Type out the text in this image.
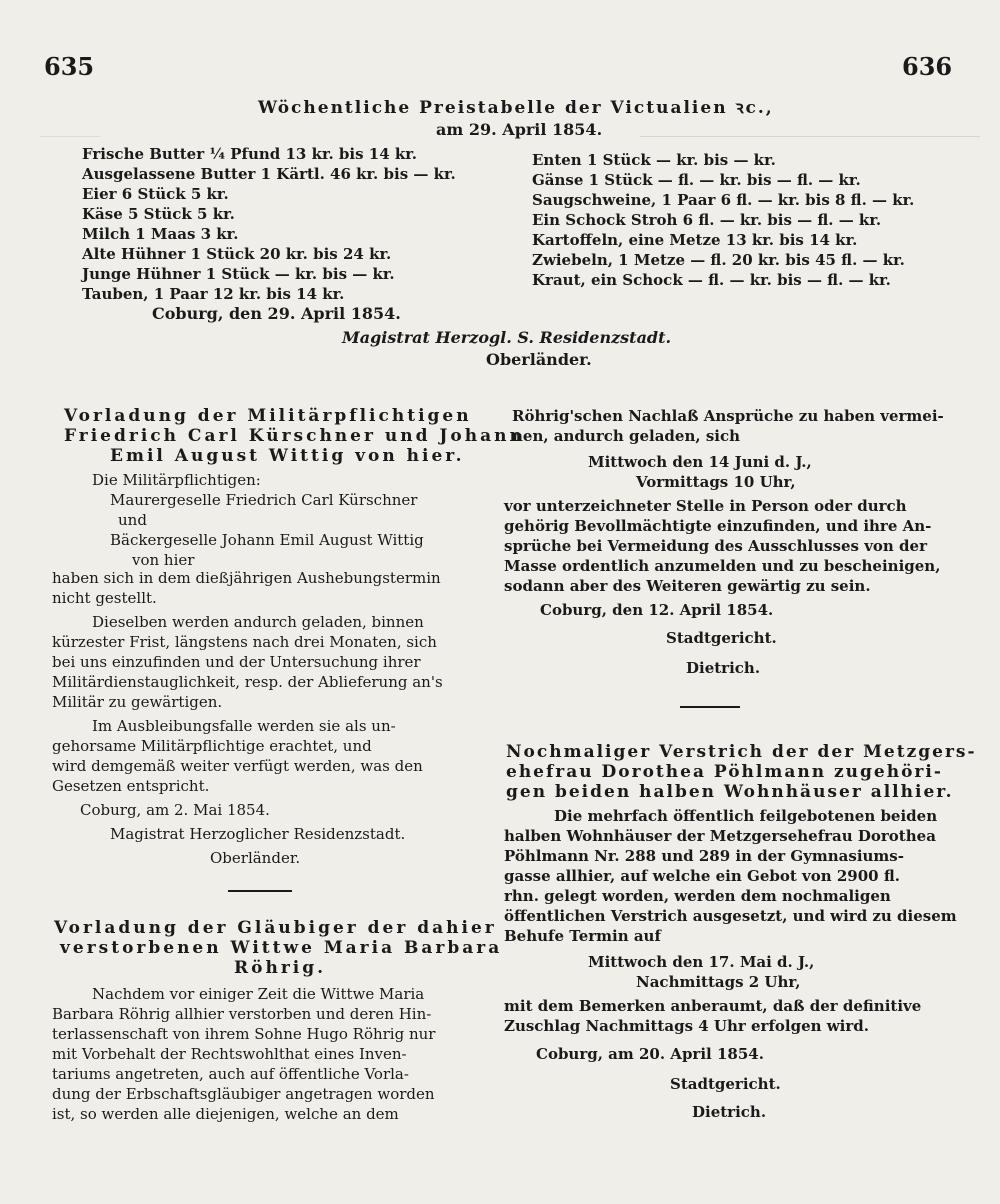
635	636
Wöchentliche Preistabelle der Victualien ꝛc.,
am 29. April 1854.
Frische Butter ¼ Pfund 13 kr. bis 14 kr.
Ausgelassene Butter 1 Kärtl. 46 kr. bis — kr.
Eier 6 Stück 5 kr.
Käse 5 Stück 5 kr.
Milch 1 Maas 3 kr.
Alte Hühner 1 Stück 20 kr. bis 24 kr.
Junge Hühner 1 Stück — kr. bis — kr.
Tauben, 1 Paar 12 kr. bis 14 kr.
Enten 1 Stück — kr. bis — kr.
Gänse 1 Stück — fl. — kr. bis — fl. — kr.
Saugschweine, 1 Paar 6 fl. — kr. bis 8 fl. — kr.
Ein Schock Stroh 6 fl. — kr. bis — fl. — kr.
Kartoffeln, eine Metze 13 kr. bis 14 kr.
Zwiebeln, 1 Metze — fl. 20 kr. bis 45 fl. — kr.
Kraut, ein Schock — fl. — kr. bis — fl. — kr.
Coburg, den 29. April 1854.
Magistrat Herzogl. S. Residenzstadt.
Oberländer.
Vorladung der Militärpflichtigen
Friedrich Carl Kürschner und Johann
Emil August Wittig von hier.
Die Militärpflichtigen:
Maurergeselle Friedrich Carl Kürschner
und
Bäckergeselle Johann Emil August Wittig
von hier
haben sich in dem dießjährigen Aushebungstermin
nicht gestellt.
Dieselben werden andurch geladen, binnen
kürzester Frist, längstens nach drei Monaten, sich
bei uns einzufinden und der Untersuchung ihrer
Militärdienstauglichkeit, resp. der Ablieferung an's
Militär zu gewärtigen.
Im Ausbleibungsfalle werden sie als un-
gehorsame Militärpflichtige erachtet, und
wird demgemäß weiter verfügt werden, was den
Gesetzen entspricht.
Coburg, am 2. Mai 1854.
Magistrat Herzoglicher Residenzstadt.
Oberländer.
Vorladung der Gläubiger der dahier
verstorbenen Wittwe Maria Barbara
Röhrig.
Nachdem vor einiger Zeit die Wittwe Maria
Barbara Röhrig allhier verstorben und deren Hin-
terlassenschaft von ihrem Sohne Hugo Röhrig nur
mit Vorbehalt der Rechtswohlthat eines Inven-
tariums angetreten, auch auf öffentliche Vorla-
dung der Erbschaftsgläubiger angetragen worden
ist, so werden alle diejenigen, welche an dem
Röhrig'schen Nachlaß Ansprüche zu haben vermei-
nen, andurch geladen, sich
Mittwoch den 14 Juni d. J.,
Vormittags 10 Uhr,
vor unterzeichneter Stelle in Person oder durch
gehörig Bevollmächtigte einzufinden, und ihre An-
sprüche bei Vermeidung des Ausschlusses von der
Masse ordentlich anzumelden und zu bescheinigen,
sodann aber des Weiteren gewärtig zu sein.
Coburg, den 12. April 1854.
Stadtgericht.
Dietrich.
Nochmaliger Verstrich der der Metzgers-
ehefrau Dorothea Pöhlmann zugehöri-
gen beiden halben Wohnhäuser allhier.
Die mehrfach öffentlich feilgebotenen beiden
halben Wohnhäuser der Metzgersehefrau Dorothea
Pöhlmann Nr. 288 und 289 in der Gymnasiums-
gasse allhier, auf welche ein Gebot von 2900 fl.
rhn. gelegt worden, werden dem nochmaligen
öffentlichen Verstrich ausgesetzt, und wird zu diesem
Behufe Termin auf
Mittwoch den 17. Mai d. J.,
Nachmittags 2 Uhr,
mit dem Bemerken anberaumt, daß der definitive
Zuschlag Nachmittags 4 Uhr erfolgen wird.
Coburg, am 20. April 1854.
Stadtgericht.
Dietrich.
